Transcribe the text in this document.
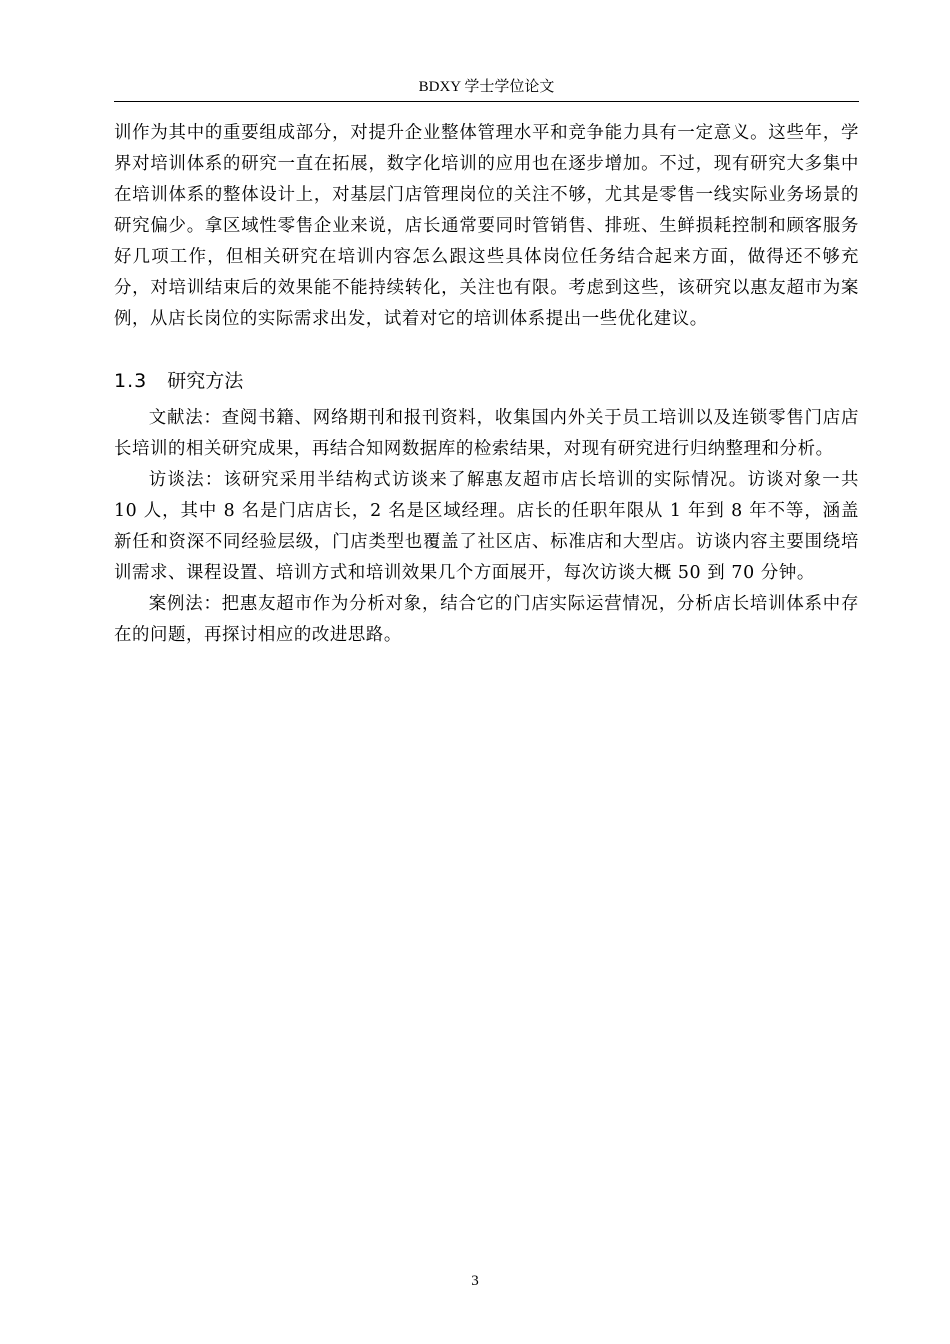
BDXY 学士学位论文

训作为其中的重要组成部分，对提升企业整体管理水平和竞争能力具有一定意义。这些年，学界对培训体系的研究一直在拓展，数字化培训的应用也在逐步增加。不过，现有研究大多集中在培训体系的整体设计上，对基层门店管理岗位的关注不够，尤其是零售一线实际业务场景的研究偏少。拿区域性零售企业来说，店长通常要同时管销售、排班、生鲜损耗控制和顾客服务好几项工作，但相关研究在培训内容怎么跟这些具体岗位任务结合起来方面，做得还不够充分，对培训结束后的效果能不能持续转化，关注也有限。考虑到这些，该研究以惠友超市为案例，从店长岗位的实际需求出发，试着对它的培训体系提出一些优化建议。

1.3 研究方法

文献法：查阅书籍、网络期刊和报刊资料，收集国内外关于员工培训以及连锁零售门店店长培训的相关研究成果，再结合知网数据库的检索结果，对现有研究进行归纳整理和分析。

访谈法：该研究采用半结构式访谈来了解惠友超市店长培训的实际情况。访谈对象一共 10 人，其中 8 名是门店店长，2 名是区域经理。店长的任职年限从 1 年到 8 年不等，涵盖新任和资深不同经验层级，门店类型也覆盖了社区店、标准店和大型店。访谈内容主要围绕培训需求、课程设置、培训方式和培训效果几个方面展开，每次访谈大概 50 到 70 分钟。

案例法：把惠友超市作为分析对象，结合它的门店实际运营情况，分析店长培训体系中存在的问题，再探讨相应的改进思路。

3
